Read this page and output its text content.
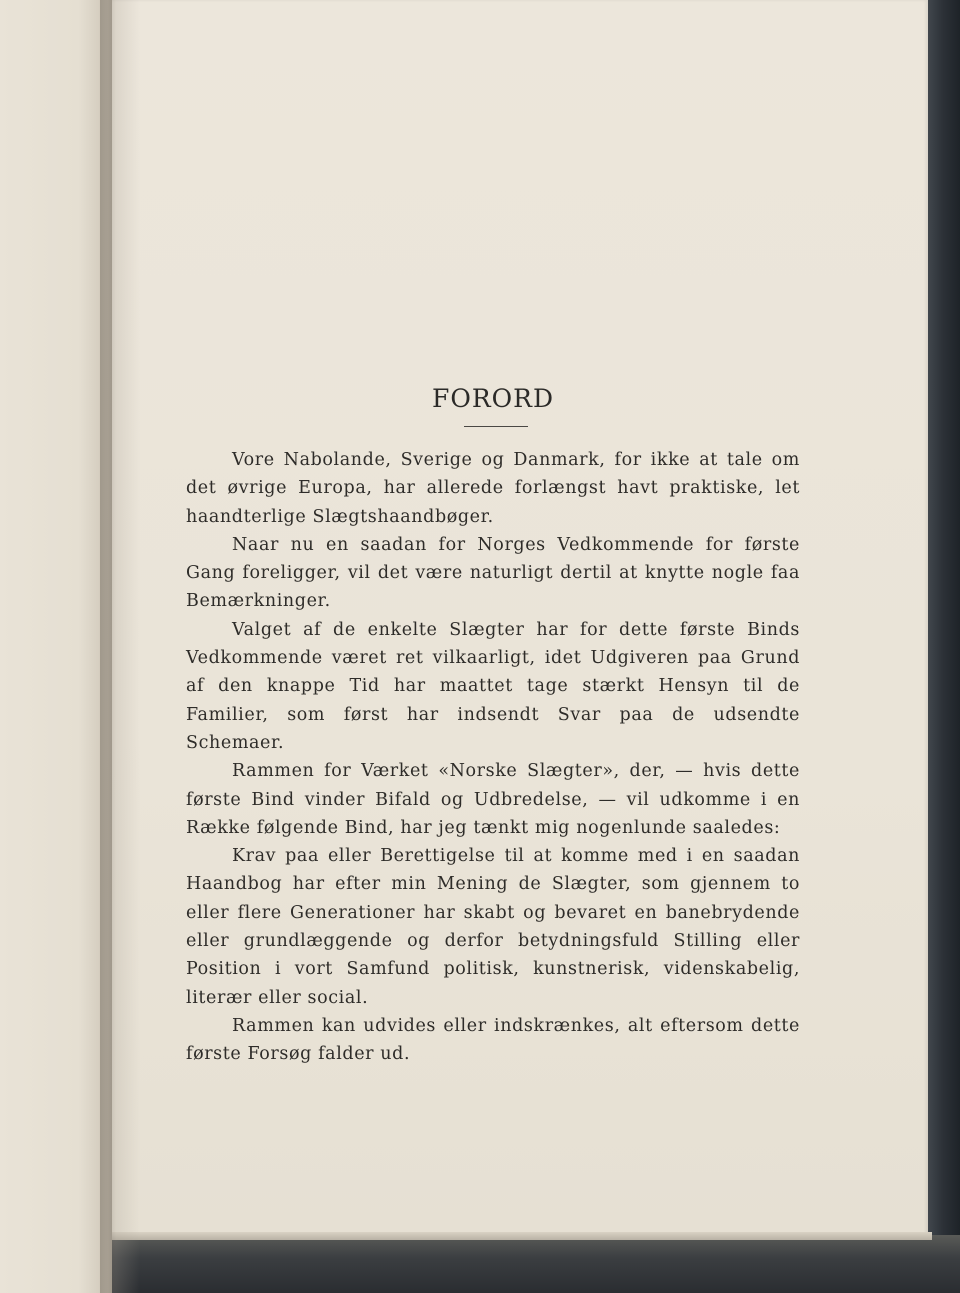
FORORD

Vore Nabolande, Sverige og Danmark, for ikke at tale om det øvrige Europa, har allerede forlængst havt praktiske, let haandterlige Slægtshaandbøger.

Naar nu en saadan for Norges Vedkommende for første Gang foreligger, vil det være naturligt dertil at knytte nogle faa Bemærkninger.

Valget af de enkelte Slægter har for dette første Binds Vedkommende været ret vilkaarligt, idet Udgiveren paa Grund af den knappe Tid har maattet tage stærkt Hensyn til de Familier, som først har indsendt Svar paa de udsendte Schemaer.

Rammen for Værket «Norske Slægter», der, — hvis dette første Bind vinder Bifald og Udbredelse, — vil udkomme i en Række følgende Bind, har jeg tænkt mig nogenlunde saaledes:

Krav paa eller Berettigelse til at komme med i en saadan Haandbog har efter min Mening de Slægter, som gjennem to eller flere Generationer har skabt og bevaret en banebrydende eller grundlæggende og derfor betydningsfuld Stilling eller Position i vort Samfund politisk, kunstnerisk, videnskabelig, literær eller social.

Rammen kan udvides eller indskrænkes, alt eftersom dette første Forsøg falder ud.
